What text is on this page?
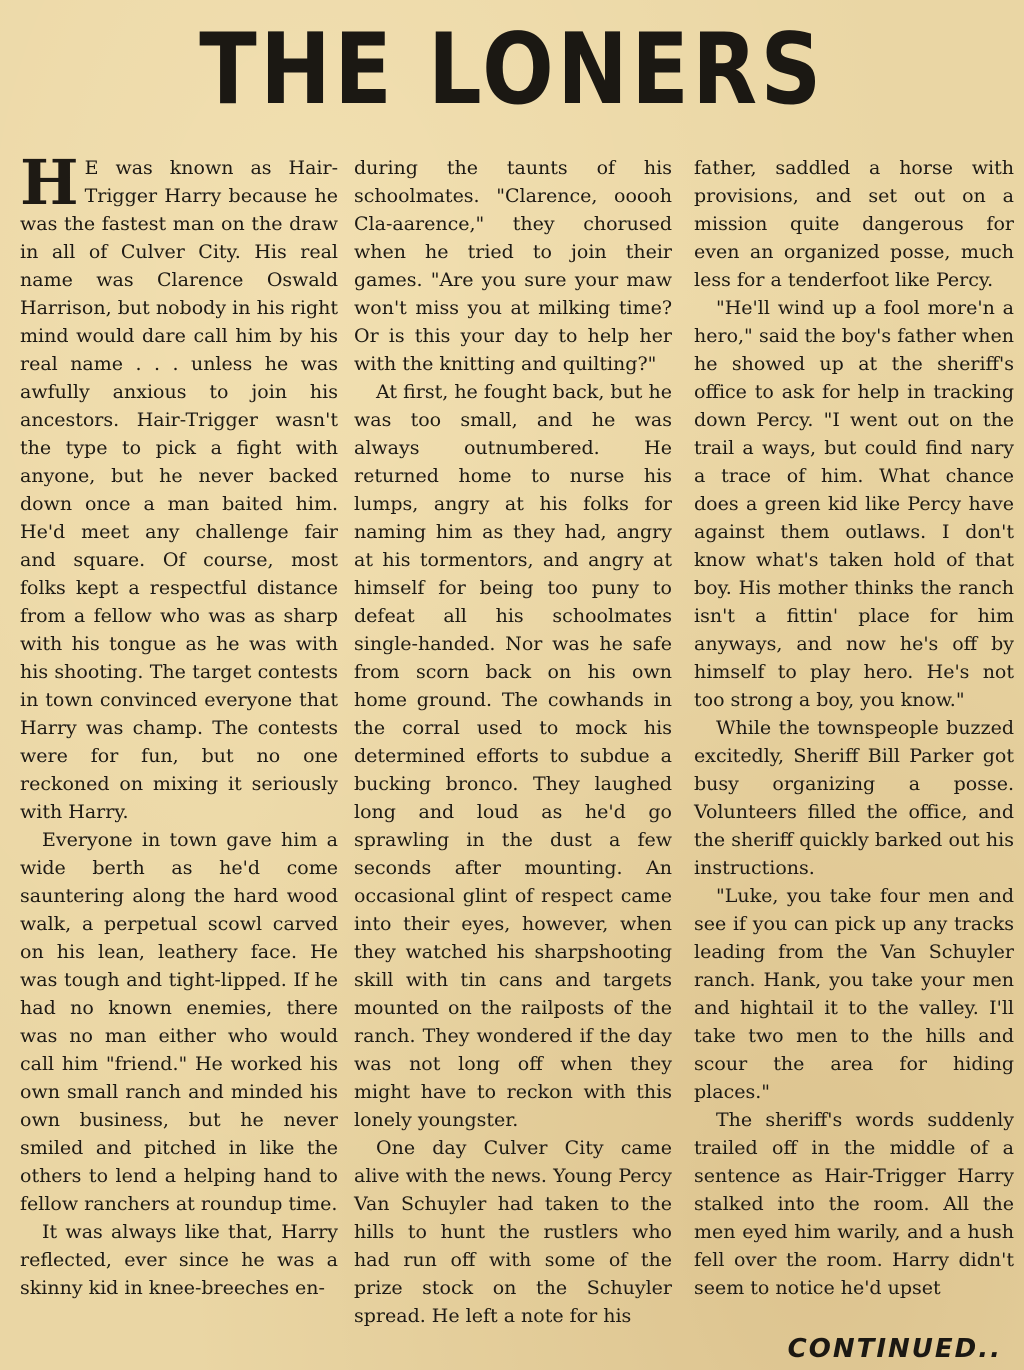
THE LONERS

H E was known as Hair-Trigger Harry because he was the fastest man on the draw in all of Culver City. His real name was Clarence Oswald Harrison, but nobody in his right mind would dare call him by his real name . . . unless he was awfully anxious to join his ancestors. Hair-Trigger wasn't the type to pick a fight with anyone, but he never backed down once a man baited him. He'd meet any challenge fair and square. Of course, most folks kept a respectful distance from a fellow who was as sharp with his tongue as he was with his shooting. The target contests in town convinced everyone that Harry was champ. The contests were for fun, but no one reckoned on mixing it seriously with Harry.

Everyone in town gave him a wide berth as he'd come sauntering along the hard wood walk, a perpetual scowl carved on his lean, leathery face. He was tough and tight-lipped. If he had no known enemies, there was no man either who would call him "friend." He worked his own small ranch and minded his own business, but he never smiled and pitched in like the others to lend a helping hand to fellow ranchers at roundup time.

It was always like that, Harry reflected, ever since he was a skinny kid in knee-breeches en-

during the taunts of his schoolmates. "Clarence, ooooh Cla-aarence," they chorused when he tried to join their games. "Are you sure your maw won't miss you at milking time? Or is this your day to help her with the knitting and quilting?"

At first, he fought back, but he was too small, and he was always outnumbered. He returned home to nurse his lumps, angry at his folks for naming him as they had, angry at his tormentors, and angry at himself for being too puny to defeat all his schoolmates single-handed. Nor was he safe from scorn back on his own home ground. The cowhands in the corral used to mock his determined efforts to subdue a bucking bronco. They laughed long and loud as he'd go sprawling in the dust a few seconds after mounting. An occasional glint of respect came into their eyes, however, when they watched his sharpshooting skill with tin cans and targets mounted on the railposts of the ranch. They wondered if the day was not long off when they might have to reckon with this lonely youngster.

One day Culver City came alive with the news. Young Percy Van Schuyler had taken to the hills to hunt the rustlers who had run off with some of the prize stock on the Schuyler spread. He left a note for his

father, saddled a horse with provisions, and set out on a mission quite dangerous for even an organized posse, much less for a tenderfoot like Percy.

"He'll wind up a fool more'n a hero," said the boy's father when he showed up at the sheriff's office to ask for help in tracking down Percy. "I went out on the trail a ways, but could find nary a trace of him. What chance does a green kid like Percy have against them outlaws. I don't know what's taken hold of that boy. His mother thinks the ranch isn't a fittin' place for him anyways, and now he's off by himself to play hero. He's not too strong a boy, you know."

While the townspeople buzzed excitedly, Sheriff Bill Parker got busy organizing a posse. Volunteers filled the office, and the sheriff quickly barked out his instructions.

"Luke, you take four men and see if you can pick up any tracks leading from the Van Schuyler ranch. Hank, you take your men and hightail it to the valley. I'll take two men to the hills and scour the area for hiding places."

The sheriff's words suddenly trailed off in the middle of a sentence as Hair-Trigger Harry stalked into the room. All the men eyed him warily, and a hush fell over the room. Harry didn't seem to notice he'd upset

CONTINUED..
